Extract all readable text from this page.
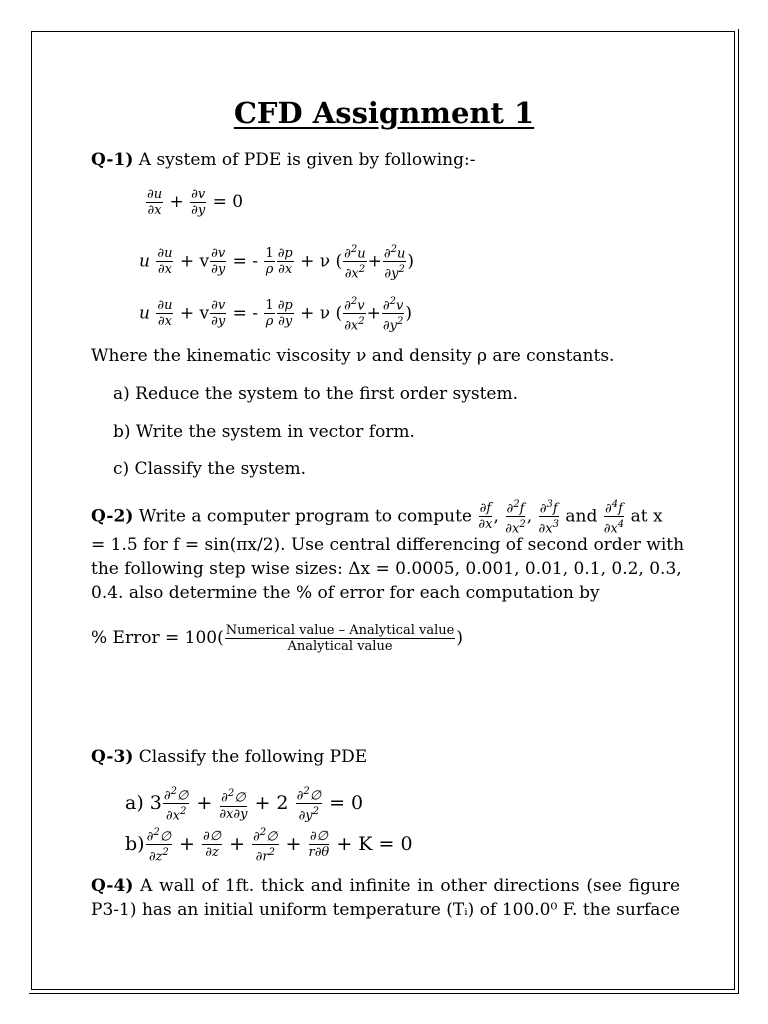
CFD Assignment 1
Q-1) A system of PDE is given by following:-
$\frac{\partial u}{\partial x} + \frac{\partial v}{\partial y} = 0$
u $\frac{\partial u}{\partial x} + v \frac{\partial v}{\partial y}$ = - $\frac{1}{\rho} \frac{\partial p}{\partial x} + \nu$ ( $\frac{\partial^2u}{\partial x^2} + \frac{\partial^2u}{\partial y^2}$ )
u $\frac{\partial u}{\partial x} + v \frac{\partial v}{\partial y}$ = - $\frac{1}{\rho} \frac{\partial p}{\partial y} + \nu$ ( $\frac{\partial^2v}{\partial x^2} + \frac{\partial^2v}{\partial y^2}$ )
Where the kinematic viscosity ν and density ρ are constants.
a) Reduce the system to the first order system.
b) Write the system in vector form.
c) Classify the system.
Q-2) Write a computer program to compute $\frac{\partial f}{\partial x}$ , $\frac{\partial^2f}{\partial x^2}$ , $\frac{\partial^3f}{\partial x^3}$ and $\frac{\partial^4f}{\partial x^4}$ at x
= 1.5 for f = sin(πx/2). Use central differencing of second order with
the following step wise sizes: Δx = 0.0005, 0.001, 0.01, 0.1, 0.2, 0.3,
0.4. also determine the % of error for each computation by
% Error = $100( \frac{\text{Numerical value – Analytical value}}{\text{Analytical value}}$ )
Q-3) Classify the following PDE
a) $3 \frac{\partial^2\emptyset}{\partial x^2} + \frac{\partial^2\emptyset}{\partial x\partial y} + 2 \frac{\partial^2\emptyset}{\partial y^2} = 0$
$b) \frac{\partial^2\emptyset}{\partial z^2} + \frac{\partial\emptyset}{\partial z} + \frac{\partial^2\emptyset}{\partial r^2} + \frac{\partial\emptyset}{r\partial\theta} + K = 0$
Q-4) A wall of 1ft. thick and infinite in other directions (see figure
P3-1) has an initial uniform temperature (Tᵢ) of 100.0⁰ F. the surface
